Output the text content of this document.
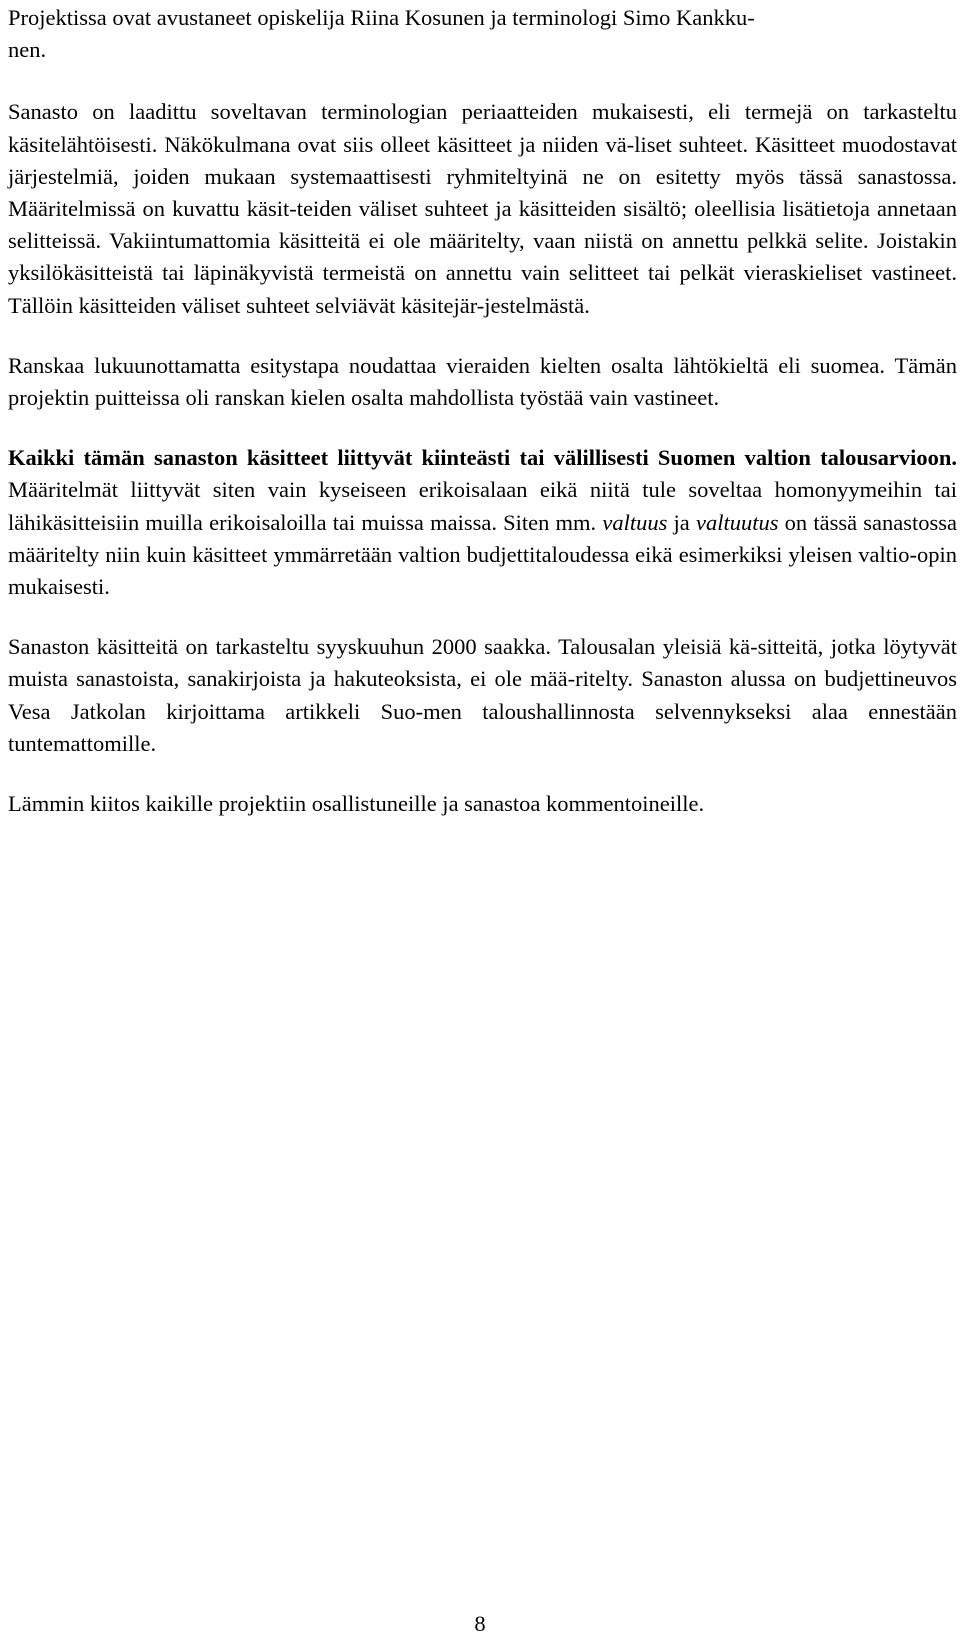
Projektissa ovat avustaneet opiskelija Riina Kosunen ja terminologi Simo Kankku-
nen.

Sanasto on laadittu soveltavan terminologian periaatteiden mukaisesti, eli termejä on tarkasteltu käsitelähtöisesti. Näkökulmana ovat siis olleet käsitteet ja niiden vä-liset suhteet. Käsitteet muodostavat järjestelmiä, joiden mukaan systemaattisesti ryhmiteltyinä ne on esitetty myös tässä sanastossa. Määritelmissä on kuvattu käsit-teiden väliset suhteet ja käsitteiden sisältö; oleellisia lisätietoja annetaan selitteissä. Vakiintumattomia käsitteitä ei ole määritelty, vaan niistä on annettu pelkkä selite. Joistakin yksilökäsitteistä tai läpinäkyvistä termeistä on annettu vain selitteet tai pelkät vieraskieliset vastineet. Tällöin käsitteiden väliset suhteet selviävät käsitejär-jestelmästä.

Ranskaa lukuunottamatta esitystapa noudattaa vieraiden kielten osalta lähtökieltä eli suomea. Tämän projektin puitteissa oli ranskan kielen osalta mahdollista työstää vain vastineet.

Kaikki tämän sanaston käsitteet liittyvät kiinteästi tai välillisesti Suomen valtion talousarvioon. Määritelmät liittyvät siten vain kyseiseen erikoisalaan eikä niitä tule soveltaa homonyymeihin tai lähikäsitteisiin muilla erikoisaloilla tai muissa maissa. Siten mm. valtuus ja valtuutus on tässä sanastossa määritelty niin kuin käsitteet ymmärretään valtion budjettitaloudessa eikä esimerkiksi yleisen valtio-opin mukaisesti.

Sanaston käsitteitä on tarkasteltu syyskuuhun 2000 saakka. Talousalan yleisiä kä-sitteitä, jotka löytyvät muista sanastoista, sanakirjoista ja hakuteoksista, ei ole mää-ritelty. Sanaston alussa on budjettineuvos Vesa Jatkolan kirjoittama artikkeli Suo-men taloushallinnosta selvennykseksi alaa ennestään tuntemattomille.

Lämmin kiitos kaikille projektiin osallistuneille ja sanastoa kommentoineille.

8
